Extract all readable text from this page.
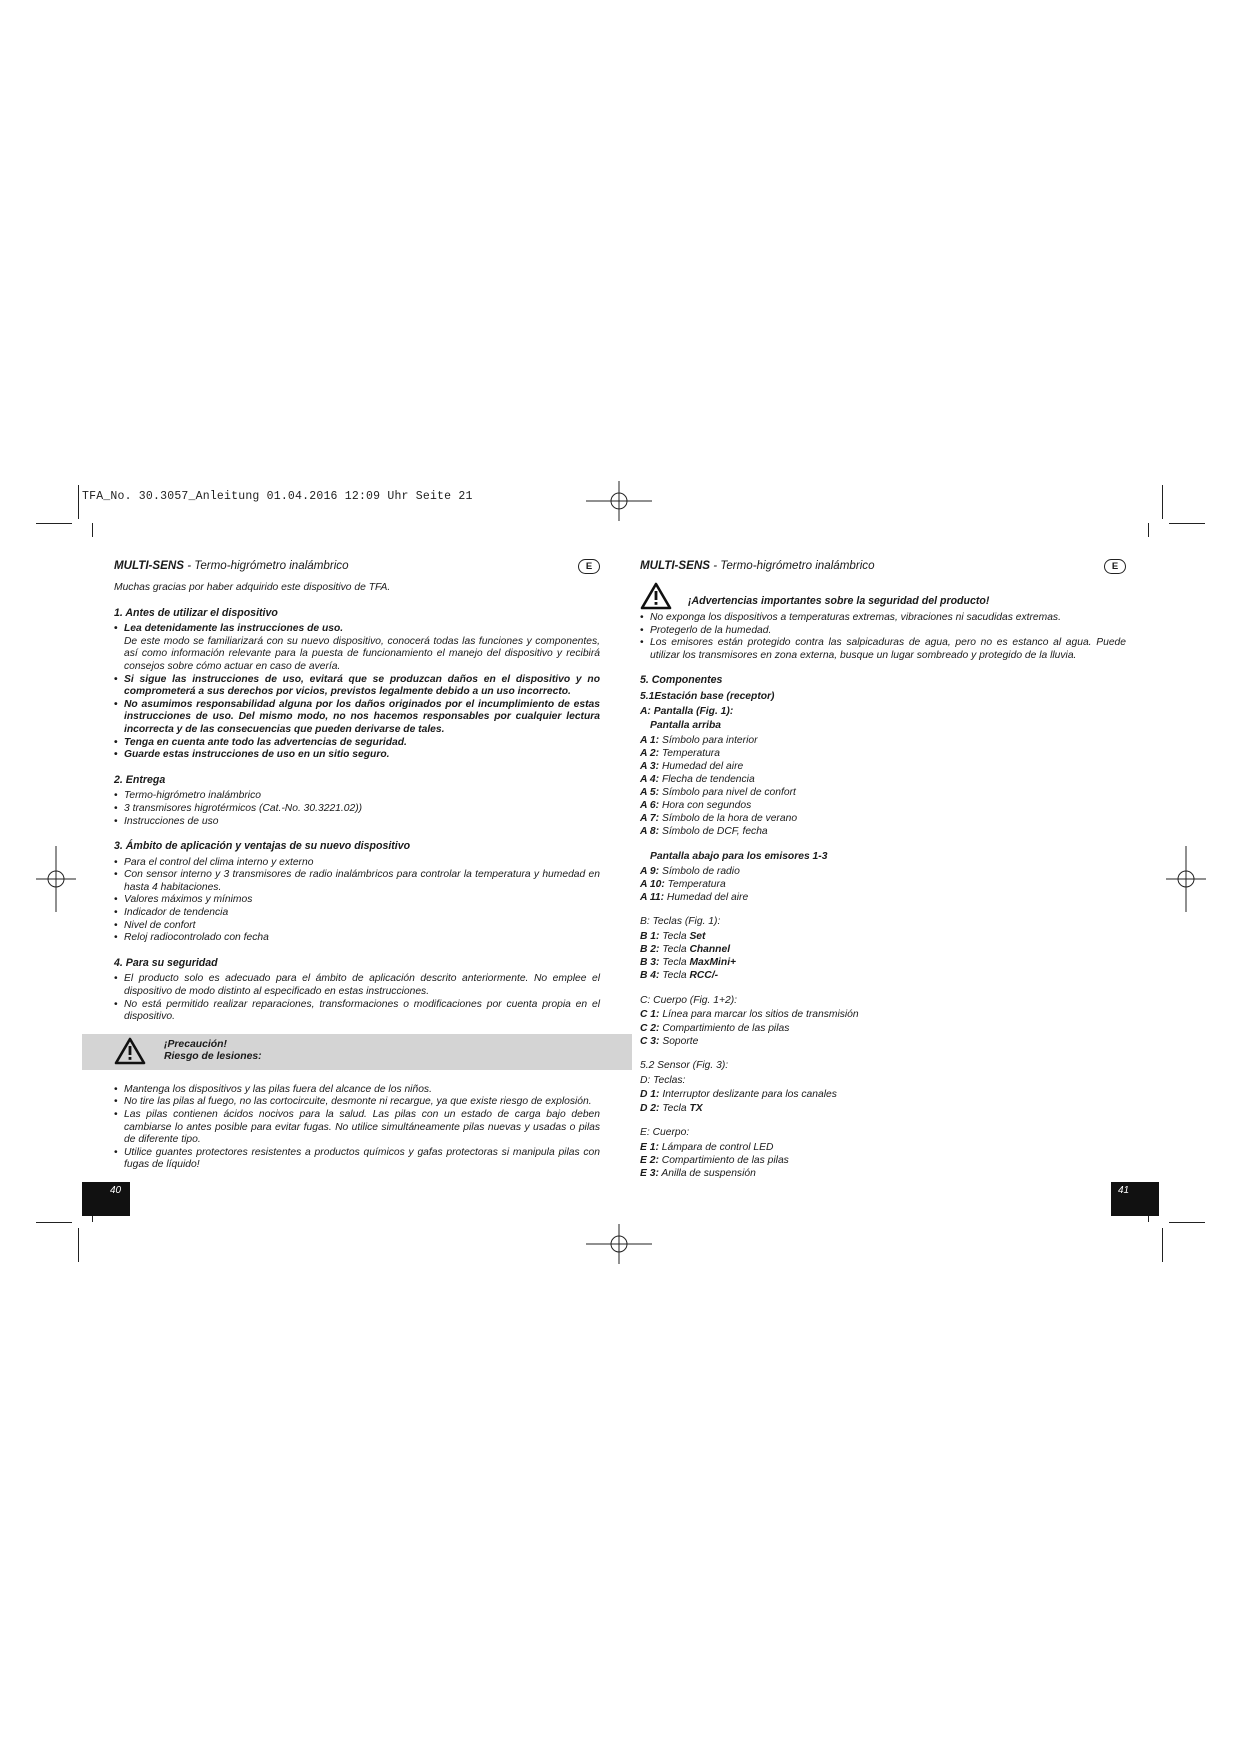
TFA_No. 30.3057_Anleitung 01.04.2016 12:09 Uhr Seite 21
MULTI-SENS - Termo-higrómetro inalámbrico	E

Muchas gracias por haber adquirido este dispositivo de TFA.

1. Antes de utilizar el dispositivo
• Lea detenidamente las instrucciones de uso.
De este modo se familiarizará con su nuevo dispositivo, conocerá todas las funciones y componentes, así como información relevante para la puesta de funcionamiento el manejo del dispositivo y recibirá consejos sobre cómo actuar en caso de avería.
• Si sigue las instrucciones de uso, evitará que se produzcan daños en el dispositivo y no comprometerá a sus derechos por vicios, previstos legalmente debido a un uso incorrecto.
• No asumimos responsabilidad alguna por los daños originados por el incumplimiento de estas instrucciones de uso. Del mismo modo, no nos hacemos responsables por cualquier lectura incorrecta y de las consecuencias que pueden derivarse de tales.
• Tenga en cuenta ante todo las advertencias de seguridad.
• Guarde estas instrucciones de uso en un sitio seguro.
2. Entrega
• Termo-higrómetro inalámbrico
• 3 transmisores higrotérmicos (Cat.-No. 30.3221.02))
• Instrucciones de uso
3. Ámbito de aplicación y ventajas de su nuevo dispositivo
• Para el control del clima interno y externo
• Con sensor interno y 3 transmisores de radio inalámbricos para controlar la temperatura y humedad en hasta 4 habitaciones.
• Valores máximos y mínimos
• Indicador de tendencia
• Nivel de confort
• Reloj radiocontrolado con fecha
4. Para su seguridad
• El producto solo es adecuado para el ámbito de aplicación descrito anteriormente. No emplee el dispositivo de modo distinto al especificado en estas instrucciones.
• No está permitido realizar reparaciones, transformaciones o modificaciones por cuenta propia en el dispositivo.
¡Precaución!
Riesgo de lesiones:
• Mantenga los dispositivos y las pilas fuera del alcance de los niños.
• No tire las pilas al fuego, no las cortocircuite, desmonte ni recargue, ya que existe riesgo de explosión.
• Las pilas contienen ácidos nocivos para la salud. Las pilas con un estado de carga bajo deben cambiarse lo antes posible para evitar fugas. No utilice simultáneamente pilas nuevas y usadas o pilas de diferente tipo.
• Utilice guantes protectores resistentes a productos químicos y gafas protectoras si manipula pilas con fugas de líquido!
MULTI-SENS - Termo-higrómetro inalámbrico	E
¡Advertencias importantes sobre la seguridad del producto!
• No exponga los dispositivos a temperaturas extremas, vibraciones ni sacudidas extremas.
• Protegerlo de la humedad.
• Los emisores están protegido contra las salpicaduras de agua, pero no es estanco al agua. Puede utilizar los transmisores en zona externa, busque un lugar sombreado y protegido de la lluvia.
5. Componentes
5.1Estación base (receptor)
A: Pantalla (Fig. 1):
Pantalla arriba
A 1: Símbolo para interior
A 2: Temperatura
A 3: Humedad del aire
A 4: Flecha de tendencia
A 5: Símbolo para nivel de confort
A 6: Hora con segundos
A 7: Símbolo de la hora de verano
A 8: Símbolo de DCF, fecha
Pantalla abajo para los emisores 1-3
A 9: Símbolo de radio
A 10: Temperatura
A 11: Humedad del aire
B: Teclas (Fig. 1):
B 1: Tecla Set
B 2: Tecla Channel
B 3: Tecla MaxMini+
B 4: Tecla RCC/-
C: Cuerpo (Fig. 1+2):
C 1: Línea para marcar los sitios de transmisión
C 2: Compartimiento de las pilas
C 3: Soporte
5.2 Sensor (Fig. 3):
D: Teclas:
D 1: Interruptor deslizante para los canales
D 2: Tecla TX
E: Cuerpo:
E 1: Lámpara de control LED
E 2: Compartimiento de las pilas
E 3: Anilla de suspensión
40	41
